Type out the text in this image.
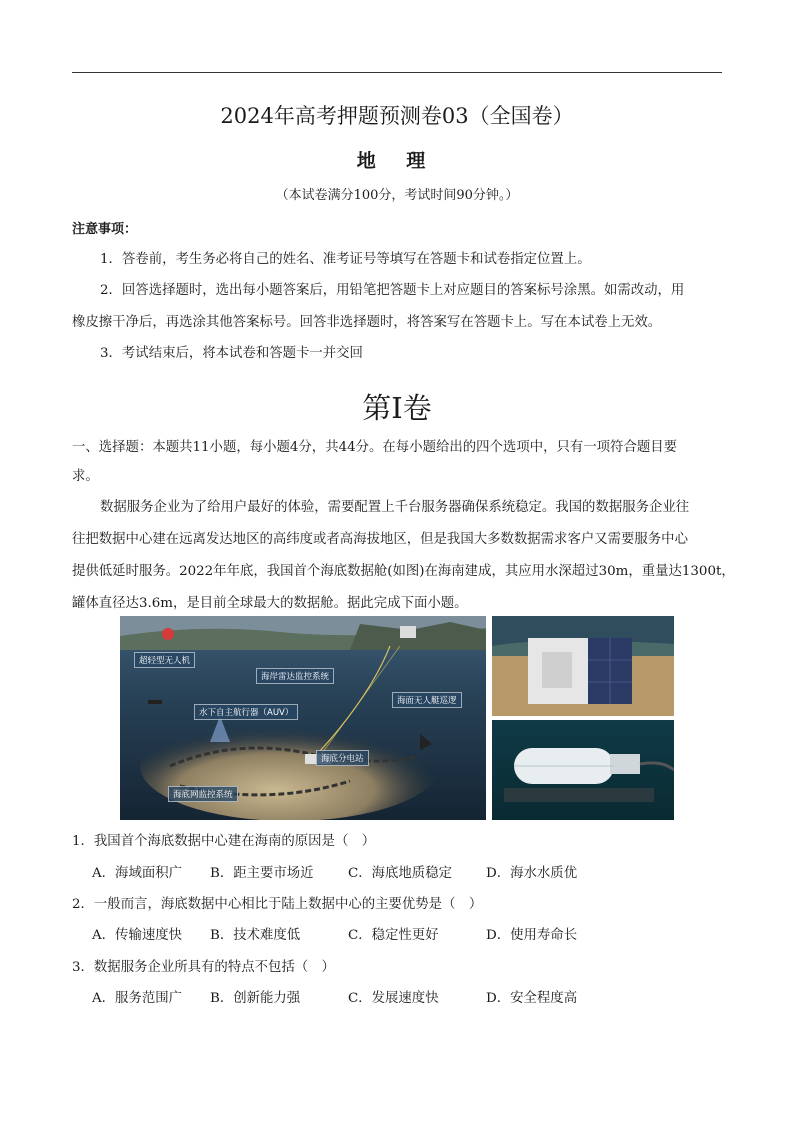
2024年高考押题预测卷03（全国卷）
地 理
（本试卷满分100分，考试时间90分钟。）
注意事项：
1．答卷前，考生务必将自己的姓名、准考证号等填写在答题卡和试卷指定位置上。
2．回答选择题时，选出每小题答案后，用铅笔把答题卡上对应题目的答案标号涂黑。如需改动，用
橡皮擦干净后，再选涂其他答案标号。回答非选择题时，将答案写在答题卡上。写在本试卷上无效。
3．考试结束后，将本试卷和答题卡一并交回
第Ⅰ卷
一、选择题：本题共11小题，每小题4分，共44分。在每小题给出的四个选项中，只有一项符合题目要
求。
数据服务企业为了给用户最好的体验，需要配置上千台服务器确保系统稳定。我国的数据服务企业往
往把数据中心建在远离发达地区的高纬度或者高海拔地区，但是我国大多数数据需求客户又需要服务中心
提供低延时服务。2022年年底，我国首个海底数据舱(如图)在海南建成，其应用水深超过30m，重量达1300t，
罐体直径达3.6m，是目前全球最大的数据舱。据此完成下面小题。
超轻型无人机
海岸雷达监控系统
海面无人艇巡逻
水下自主航行器（AUV）
海底分电站
海底网监控系统
1．我国首个海底数据中心建在海南的原因是（　）
A．海域面积广 B．距主要市场近	C．海底地质稳定	D．海水水质优
2．一般而言，海底数据中心相比于陆上数据中心的主要优势是（　）
A．传输速度快 B．技术难度低	C．稳定性更好	D．使用寿命长
3．数据服务企业所具有的特点不包括（　）
A．服务范围广 B．创新能力强	C．发展速度快	D．安全程度高
